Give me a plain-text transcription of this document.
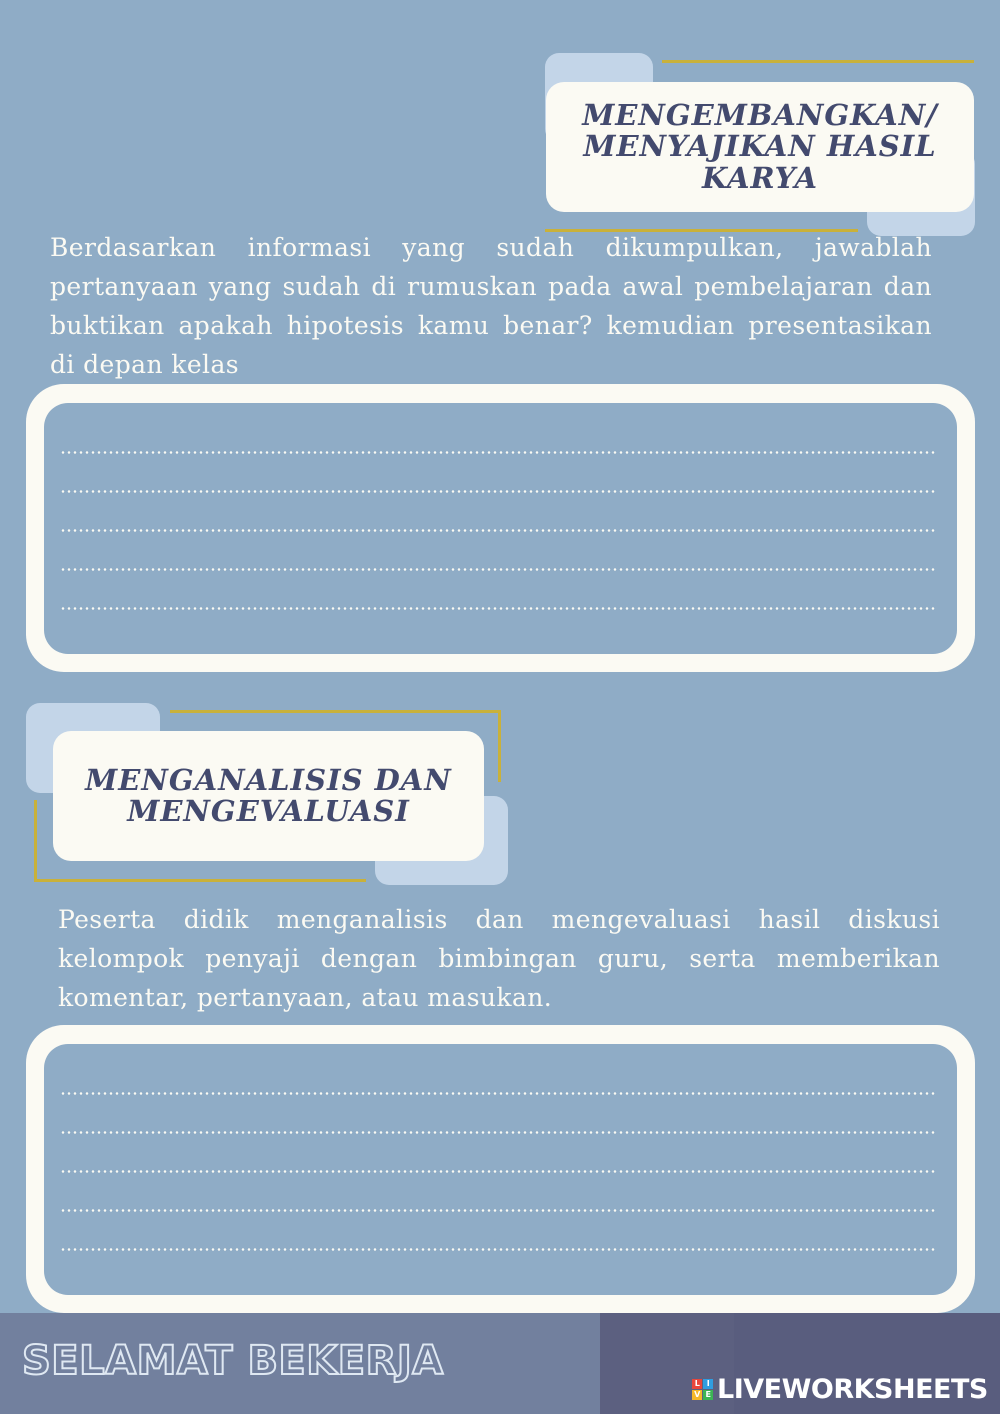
MENGEMBANGKAN/
MENYAJIKAN HASIL
KARYA

Berdasarkan informasi yang sudah dikumpulkan, jawablah pertanyaan yang sudah di rumuskan pada awal pembelajaran dan buktikan apakah hipotesis kamu benar? kemudian presentasikan di depan kelas

MENGANALISIS DAN
MENGEVALUASI

Peserta didik menganalisis dan mengevaluasi hasil diskusi kelompok penyaji dengan bimbingan guru, serta memberikan komentar, pertanyaan, atau masukan.

SELAMAT BEKERJA	L I
V E LIVEWORKSHEETS
